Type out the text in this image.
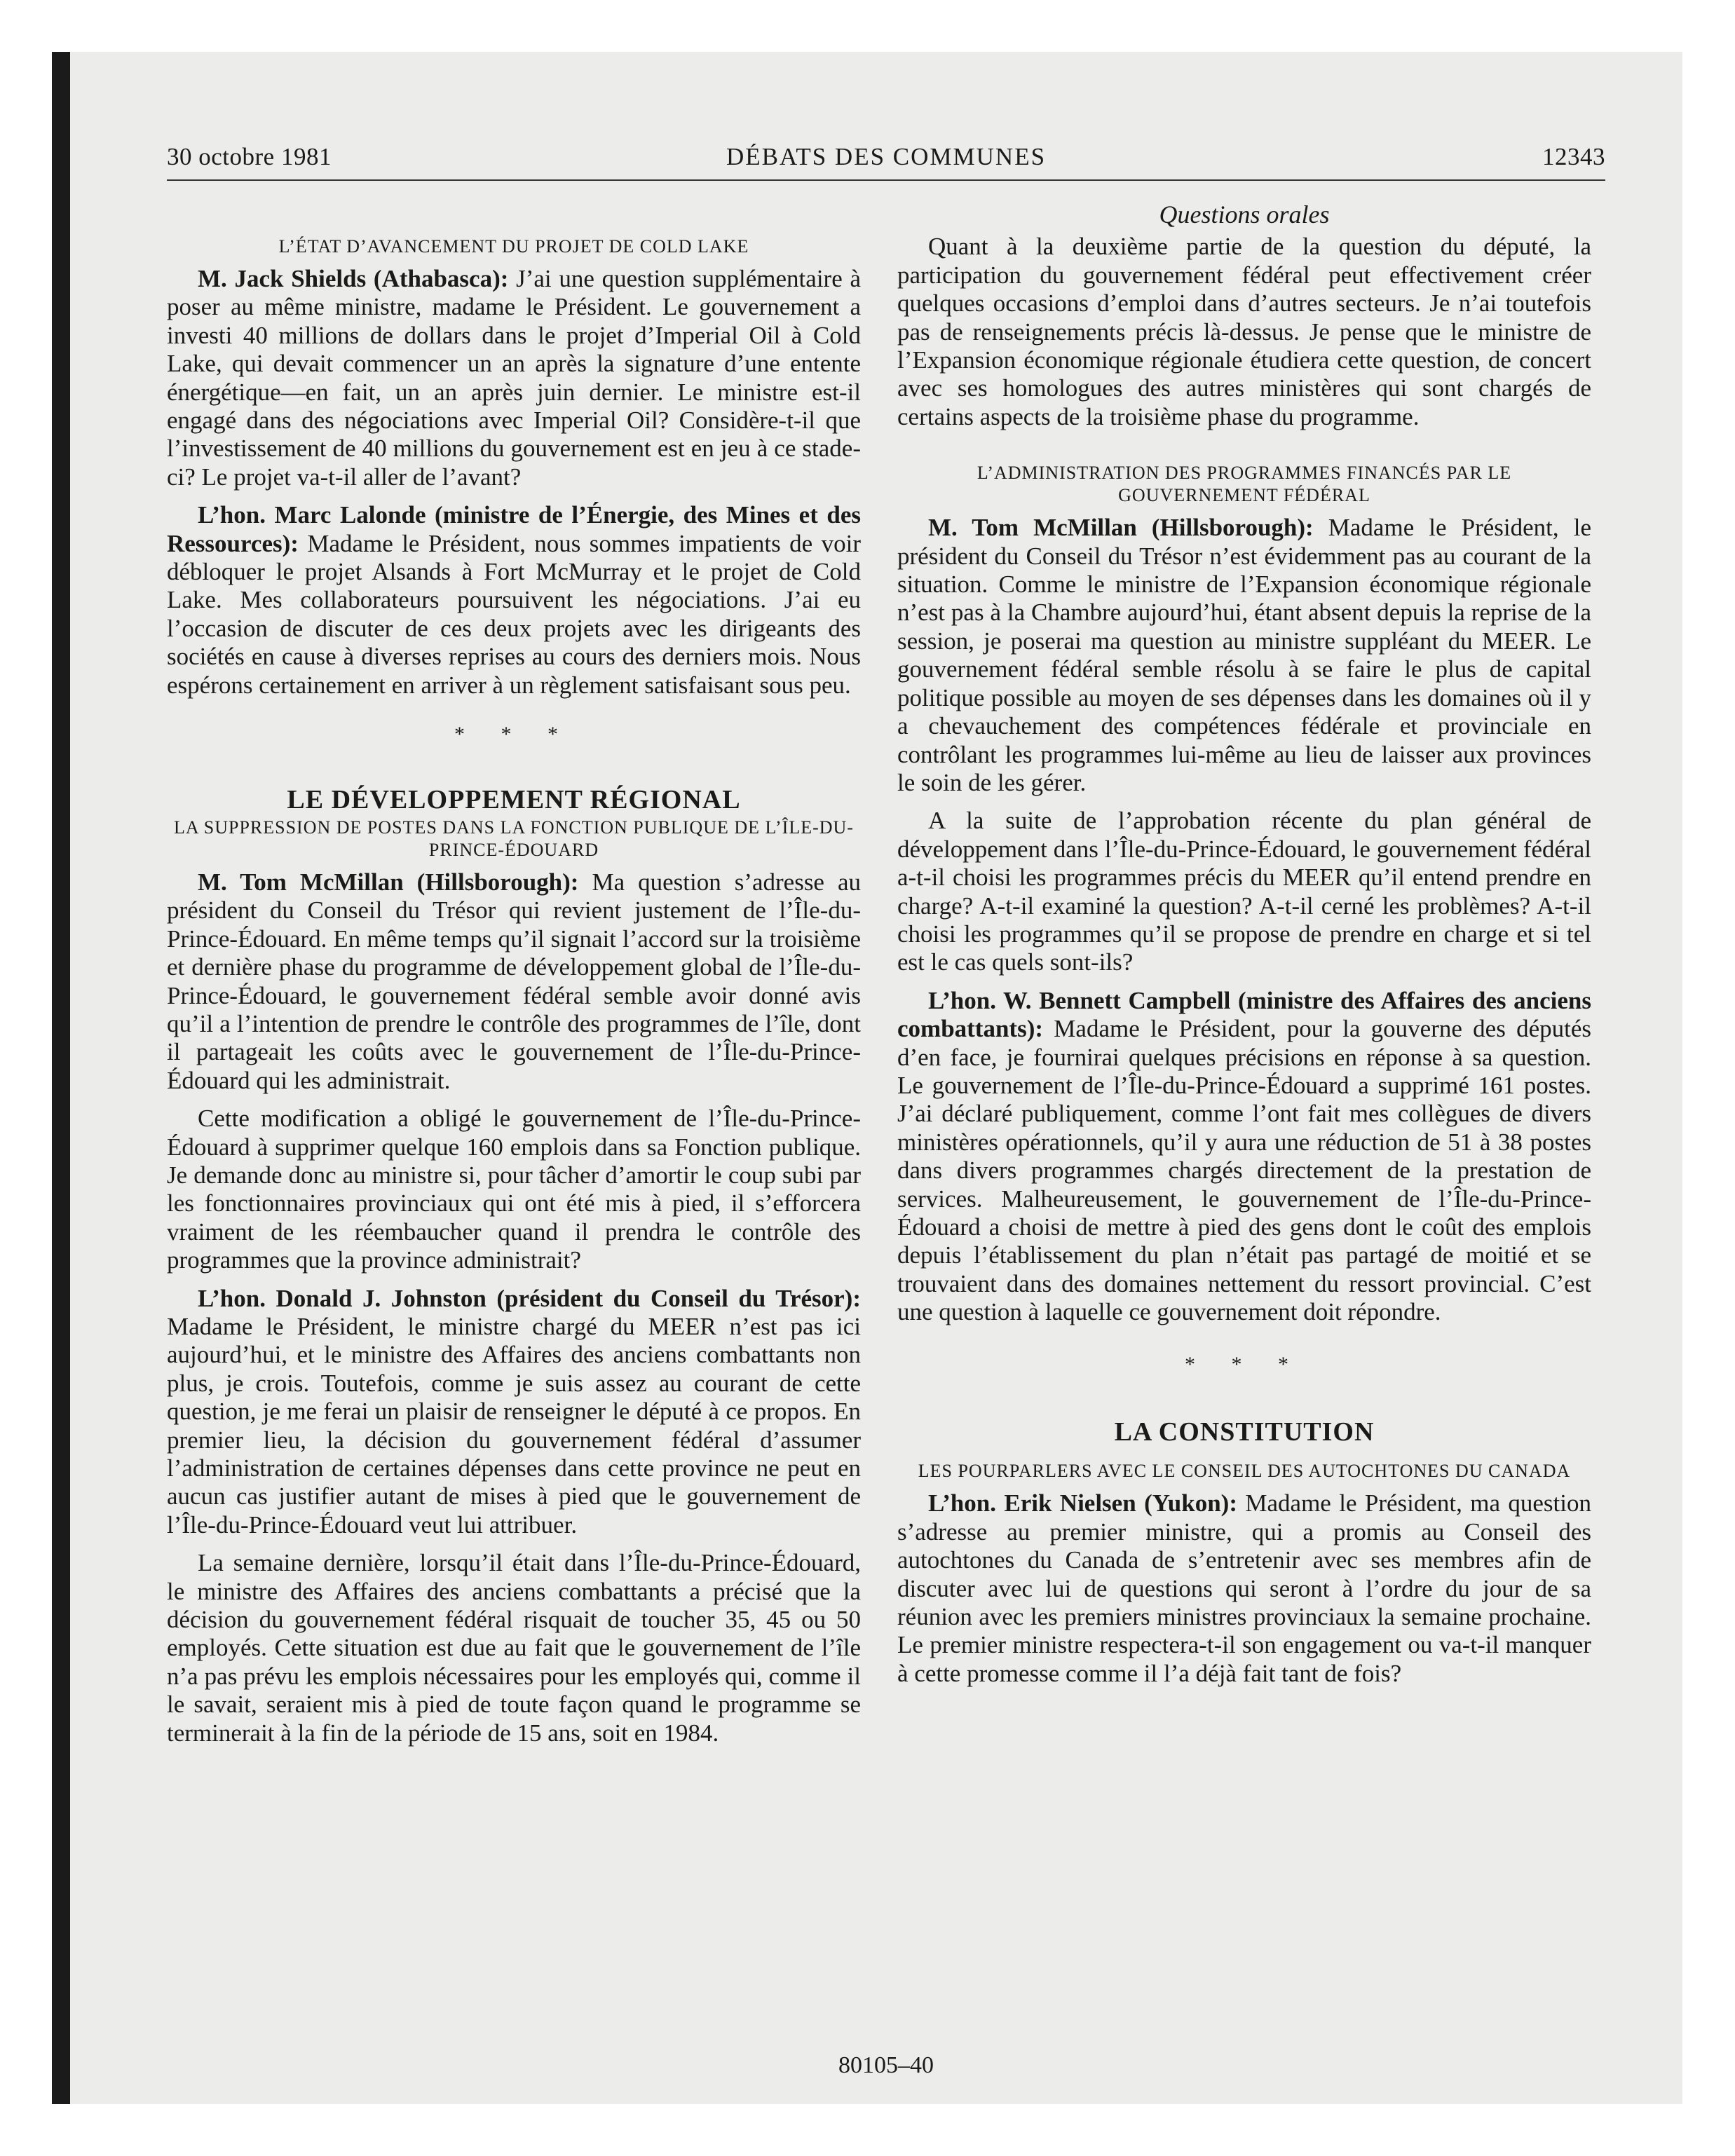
30 octobre 1981	DÉBATS DES COMMUNES	12343
L’ÉTAT D’AVANCEMENT DU PROJET DE COLD LAKE

M. Jack Shields (Athabasca): J’ai une question supplémentaire à poser au même ministre, madame le Président. Le gouvernement a investi 40 millions de dollars dans le projet d’Imperial Oil à Cold Lake, qui devait commencer un an après la signature d’une entente énergétique—en fait, un an après juin dernier. Le ministre est-il engagé dans des négociations avec Imperial Oil? Considère-t-il que l’investissement de 40 millions du gouvernement est en jeu à ce stade-ci? Le projet va-t-il aller de l’avant?

L’hon. Marc Lalonde (ministre de l’Énergie, des Mines et des Ressources): Madame le Président, nous sommes impatients de voir débloquer le projet Alsands à Fort McMurray et le projet de Cold Lake. Mes collaborateurs poursuivent les négociations. J’ai eu l’occasion de discuter de ces deux projets avec les dirigeants des sociétés en cause à diverses reprises au cours des derniers mois. Nous espérons certainement en arriver à un règlement satisfaisant sous peu.

* * *
LE DÉVELOPPEMENT RÉGIONAL
LA SUPPRESSION DE POSTES DANS LA FONCTION PUBLIQUE DE L’ÎLE-DU-PRINCE-ÉDOUARD

M. Tom McMillan (Hillsborough): Ma question s’adresse au président du Conseil du Trésor qui revient justement de l’Île-du-Prince-Édouard. En même temps qu’il signait l’accord sur la troisième et dernière phase du programme de développement global de l’Île-du-Prince-Édouard, le gouvernement fédéral semble avoir donné avis qu’il a l’intention de prendre le contrôle des programmes de l’île, dont il partageait les coûts avec le gouvernement de l’Île-du-Prince-Édouard qui les administrait.

Cette modification a obligé le gouvernement de l’Île-du-Prince-Édouard à supprimer quelque 160 emplois dans sa Fonction publique. Je demande donc au ministre si, pour tâcher d’amortir le coup subi par les fonctionnaires provinciaux qui ont été mis à pied, il s’efforcera vraiment de les réembaucher quand il prendra le contrôle des programmes que la province administrait?

L’hon. Donald J. Johnston (président du Conseil du Trésor): Madame le Président, le ministre chargé du MEER n’est pas ici aujourd’hui, et le ministre des Affaires des anciens combattants non plus, je crois. Toutefois, comme je suis assez au courant de cette question, je me ferai un plaisir de renseigner le député à ce propos. En premier lieu, la décision du gouvernement fédéral d’assumer l’administration de certaines dépenses dans cette province ne peut en aucun cas justifier autant de mises à pied que le gouvernement de l’Île-du-Prince-Édouard veut lui attribuer.

La semaine dernière, lorsqu’il était dans l’Île-du-Prince-Édouard, le ministre des Affaires des anciens combattants a précisé que la décision du gouvernement fédéral risquait de toucher 35, 45 ou 50 employés. Cette situation est due au fait que le gouvernement de l’île n’a pas prévu les emplois nécessaires pour les employés qui, comme il le savait, seraient mis à pied de toute façon quand le programme se terminerait à la fin de la période de 15 ans, soit en 1984.

Questions orales

Quant à la deuxième partie de la question du député, la participation du gouvernement fédéral peut effectivement créer quelques occasions d’emploi dans d’autres secteurs. Je n’ai toutefois pas de renseignements précis là-dessus. Je pense que le ministre de l’Expansion économique régionale étudiera cette question, de concert avec ses homologues des autres ministères qui sont chargés de certains aspects de la troisième phase du programme.

L’ADMINISTRATION DES PROGRAMMES FINANCÉS PAR LE GOUVERNEMENT FÉDÉRAL

M. Tom McMillan (Hillsborough): Madame le Président, le président du Conseil du Trésor n’est évidemment pas au courant de la situation. Comme le ministre de l’Expansion économique régionale n’est pas à la Chambre aujourd’hui, étant absent depuis la reprise de la session, je poserai ma question au ministre suppléant du MEER. Le gouvernement fédéral semble résolu à se faire le plus de capital politique possible au moyen de ses dépenses dans les domaines où il y a chevauchement des compétences fédérale et provinciale en contrôlant les programmes lui-même au lieu de laisser aux provinces le soin de les gérer.

A la suite de l’approbation récente du plan général de développement dans l’Île-du-Prince-Édouard, le gouvernement fédéral a-t-il choisi les programmes précis du MEER qu’il entend prendre en charge? A-t-il examiné la question? A-t-il cerné les problèmes? A-t-il choisi les programmes qu’il se propose de prendre en charge et si tel est le cas quels sont-ils?

L’hon. W. Bennett Campbell (ministre des Affaires des anciens combattants): Madame le Président, pour la gouverne des députés d’en face, je fournirai quelques précisions en réponse à sa question. Le gouvernement de l’Île-du-Prince-Édouard a supprimé 161 postes. J’ai déclaré publiquement, comme l’ont fait mes collègues de divers ministères opérationnels, qu’il y aura une réduction de 51 à 38 postes dans divers programmes chargés directement de la prestation de services. Malheureusement, le gouvernement de l’Île-du-Prince-Édouard a choisi de mettre à pied des gens dont le coût des emplois depuis l’établissement du plan n’était pas partagé de moitié et se trouvaient dans des domaines nettement du ressort provincial. C’est une question à laquelle ce gouvernement doit répondre.

* * *
LA CONSTITUTION
LES POURPARLERS AVEC LE CONSEIL DES AUTOCHTONES DU CANADA

L’hon. Erik Nielsen (Yukon): Madame le Président, ma question s’adresse au premier ministre, qui a promis au Conseil des autochtones du Canada de s’entretenir avec ses membres afin de discuter avec lui de questions qui seront à l’ordre du jour de sa réunion avec les premiers ministres provinciaux la semaine prochaine. Le premier ministre respectera-t-il son engagement ou va-t-il manquer à cette promesse comme il l’a déjà fait tant de fois?

80105–40
